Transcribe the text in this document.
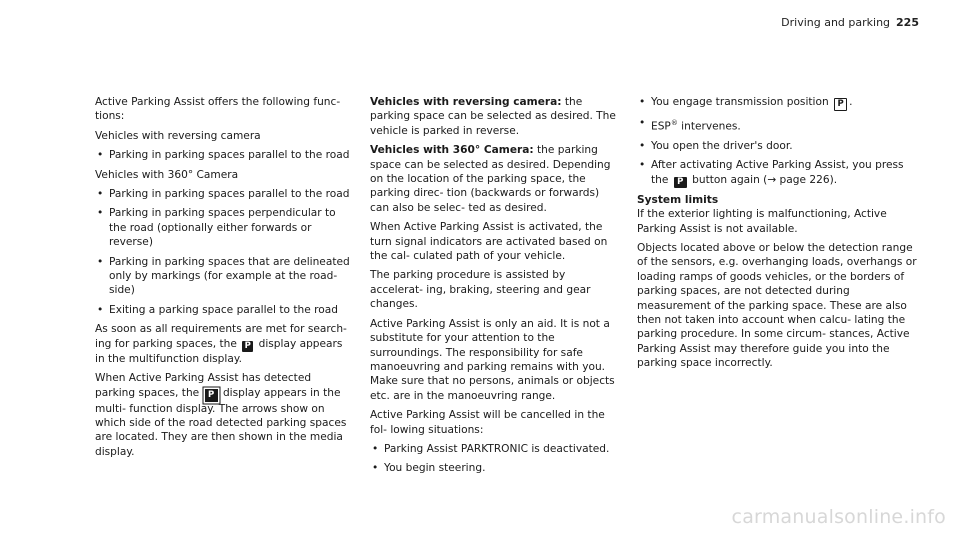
Driving and parking 225

Active Parking Assist offers the following func- tions:

Vehicles with reversing camera

• Parking in parking spaces parallel to the road

Vehicles with 360° Camera

• Parking in parking spaces parallel to the road
• Parking in parking spaces perpendicular to the road (optionally either forwards or reverse)
• Parking in parking spaces that are delineated only by markings (for example at the road- side)
• Exiting a parking space parallel to the road

As soon as all requirements are met for search- ing for parking spaces, the P display appears in the multifunction display.

When Active Parking Assist has detected parking spaces, the P display appears in the multi- function display. The arrows show on which side of the road detected parking spaces are located. They are then shown in the media display.

Vehicles with reversing camera: the parking space can be selected as desired. The vehicle is parked in reverse.

Vehicles with 360° Camera: the parking space can be selected as desired. Depending on the location of the parking space, the parking direc- tion (backwards or forwards) can also be selec- ted as desired.

When Active Parking Assist is activated, the turn signal indicators are activated based on the cal- culated path of your vehicle.

The parking procedure is assisted by accelerat- ing, braking, steering and gear changes.

Active Parking Assist is only an aid. It is not a substitute for your attention to the surroundings. The responsibility for safe manoeuvring and parking remains with you. Make sure that no persons, animals or objects etc. are in the manoeuvring range.

Active Parking Assist will be cancelled in the fol- lowing situations:

• Parking Assist PARKTRONIC is deactivated.
• You begin steering.
• You engage transmission position P .
• ESP® intervenes.
• You open the driver's door.
• After activating Active Parking Assist, you press the P button again (→ page 226).

System limits

If the exterior lighting is malfunctioning, Active Parking Assist is not available.

Objects located above or below the detection range of the sensors, e.g. overhanging loads, overhangs or loading ramps of goods vehicles, or the borders of parking spaces, are not detected during measurement of the parking space. These are also then not taken into account when calcu- lating the parking procedure. In some circum- stances, Active Parking Assist may therefore guide you into the parking space incorrectly.

carmanualsonline.info
